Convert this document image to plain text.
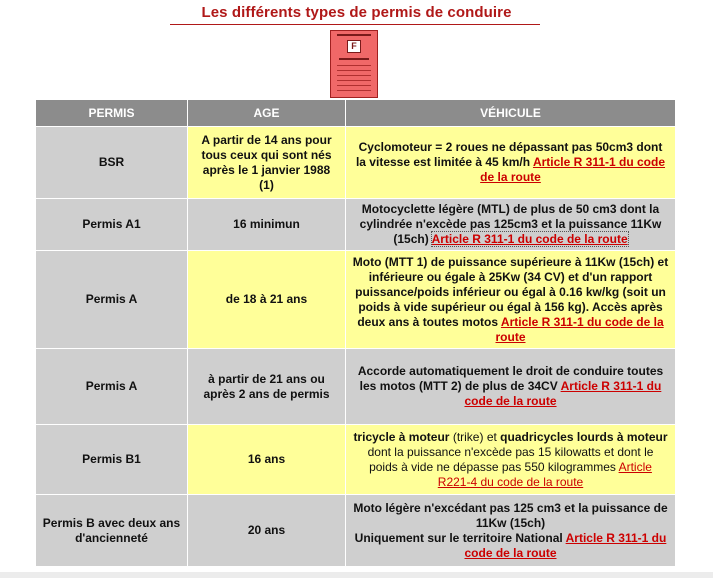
Les différents types de permis de conduire
F
PERMIS	AGE	VÉHICULE
BSR	A partir de 14 ans pour tous ceux qui sont nés après le 1 janvier 1988 (1)	Cyclomoteur = 2 roues ne dépassant pas 50cm3 dont la vitesse est limitée à 45 km/h Article R 311-1 du code de la route
Permis A1	16 minimun	Motocyclette légère (MTL) de plus de 50 cm3 dont la cylindrée n'excède pas 125cm3 et la puissance 11Kw (15ch) Article R 311-1 du code de la route
Permis A	de 18 à 21 ans	Moto (MTT 1) de puissance supérieure à 11Kw (15ch) et inférieure ou égale à 25Kw (34 CV) et d'un rapport puissance/poids inférieur ou égal à 0.16 kw/kg (soit un poids à vide supérieur ou égal à 156 kg). Accès après deux ans à toutes motos Article R 311-1 du code de la route
Permis A	à partir de 21 ans ou après 2 ans de permis	Accorde automatiquement le droit de conduire toutes les motos (MTT 2) de plus de 34CV Article R 311-1 du code de la route
Permis B1	16 ans	tricycle à moteur (trike) et quadricycles lourds à moteur dont la puissance n'excède pas 15 kilowatts et dont le poids à vide ne dépasse pas 550 kilogrammes Article R221-4 du code de la route
Permis B avec deux ans d'ancienneté	20 ans	Moto légère n'excédant pas 125 cm3 et la puissance de 11Kw (15ch)
Uniquement sur le territoire National Article R 311-1 du code de la route
